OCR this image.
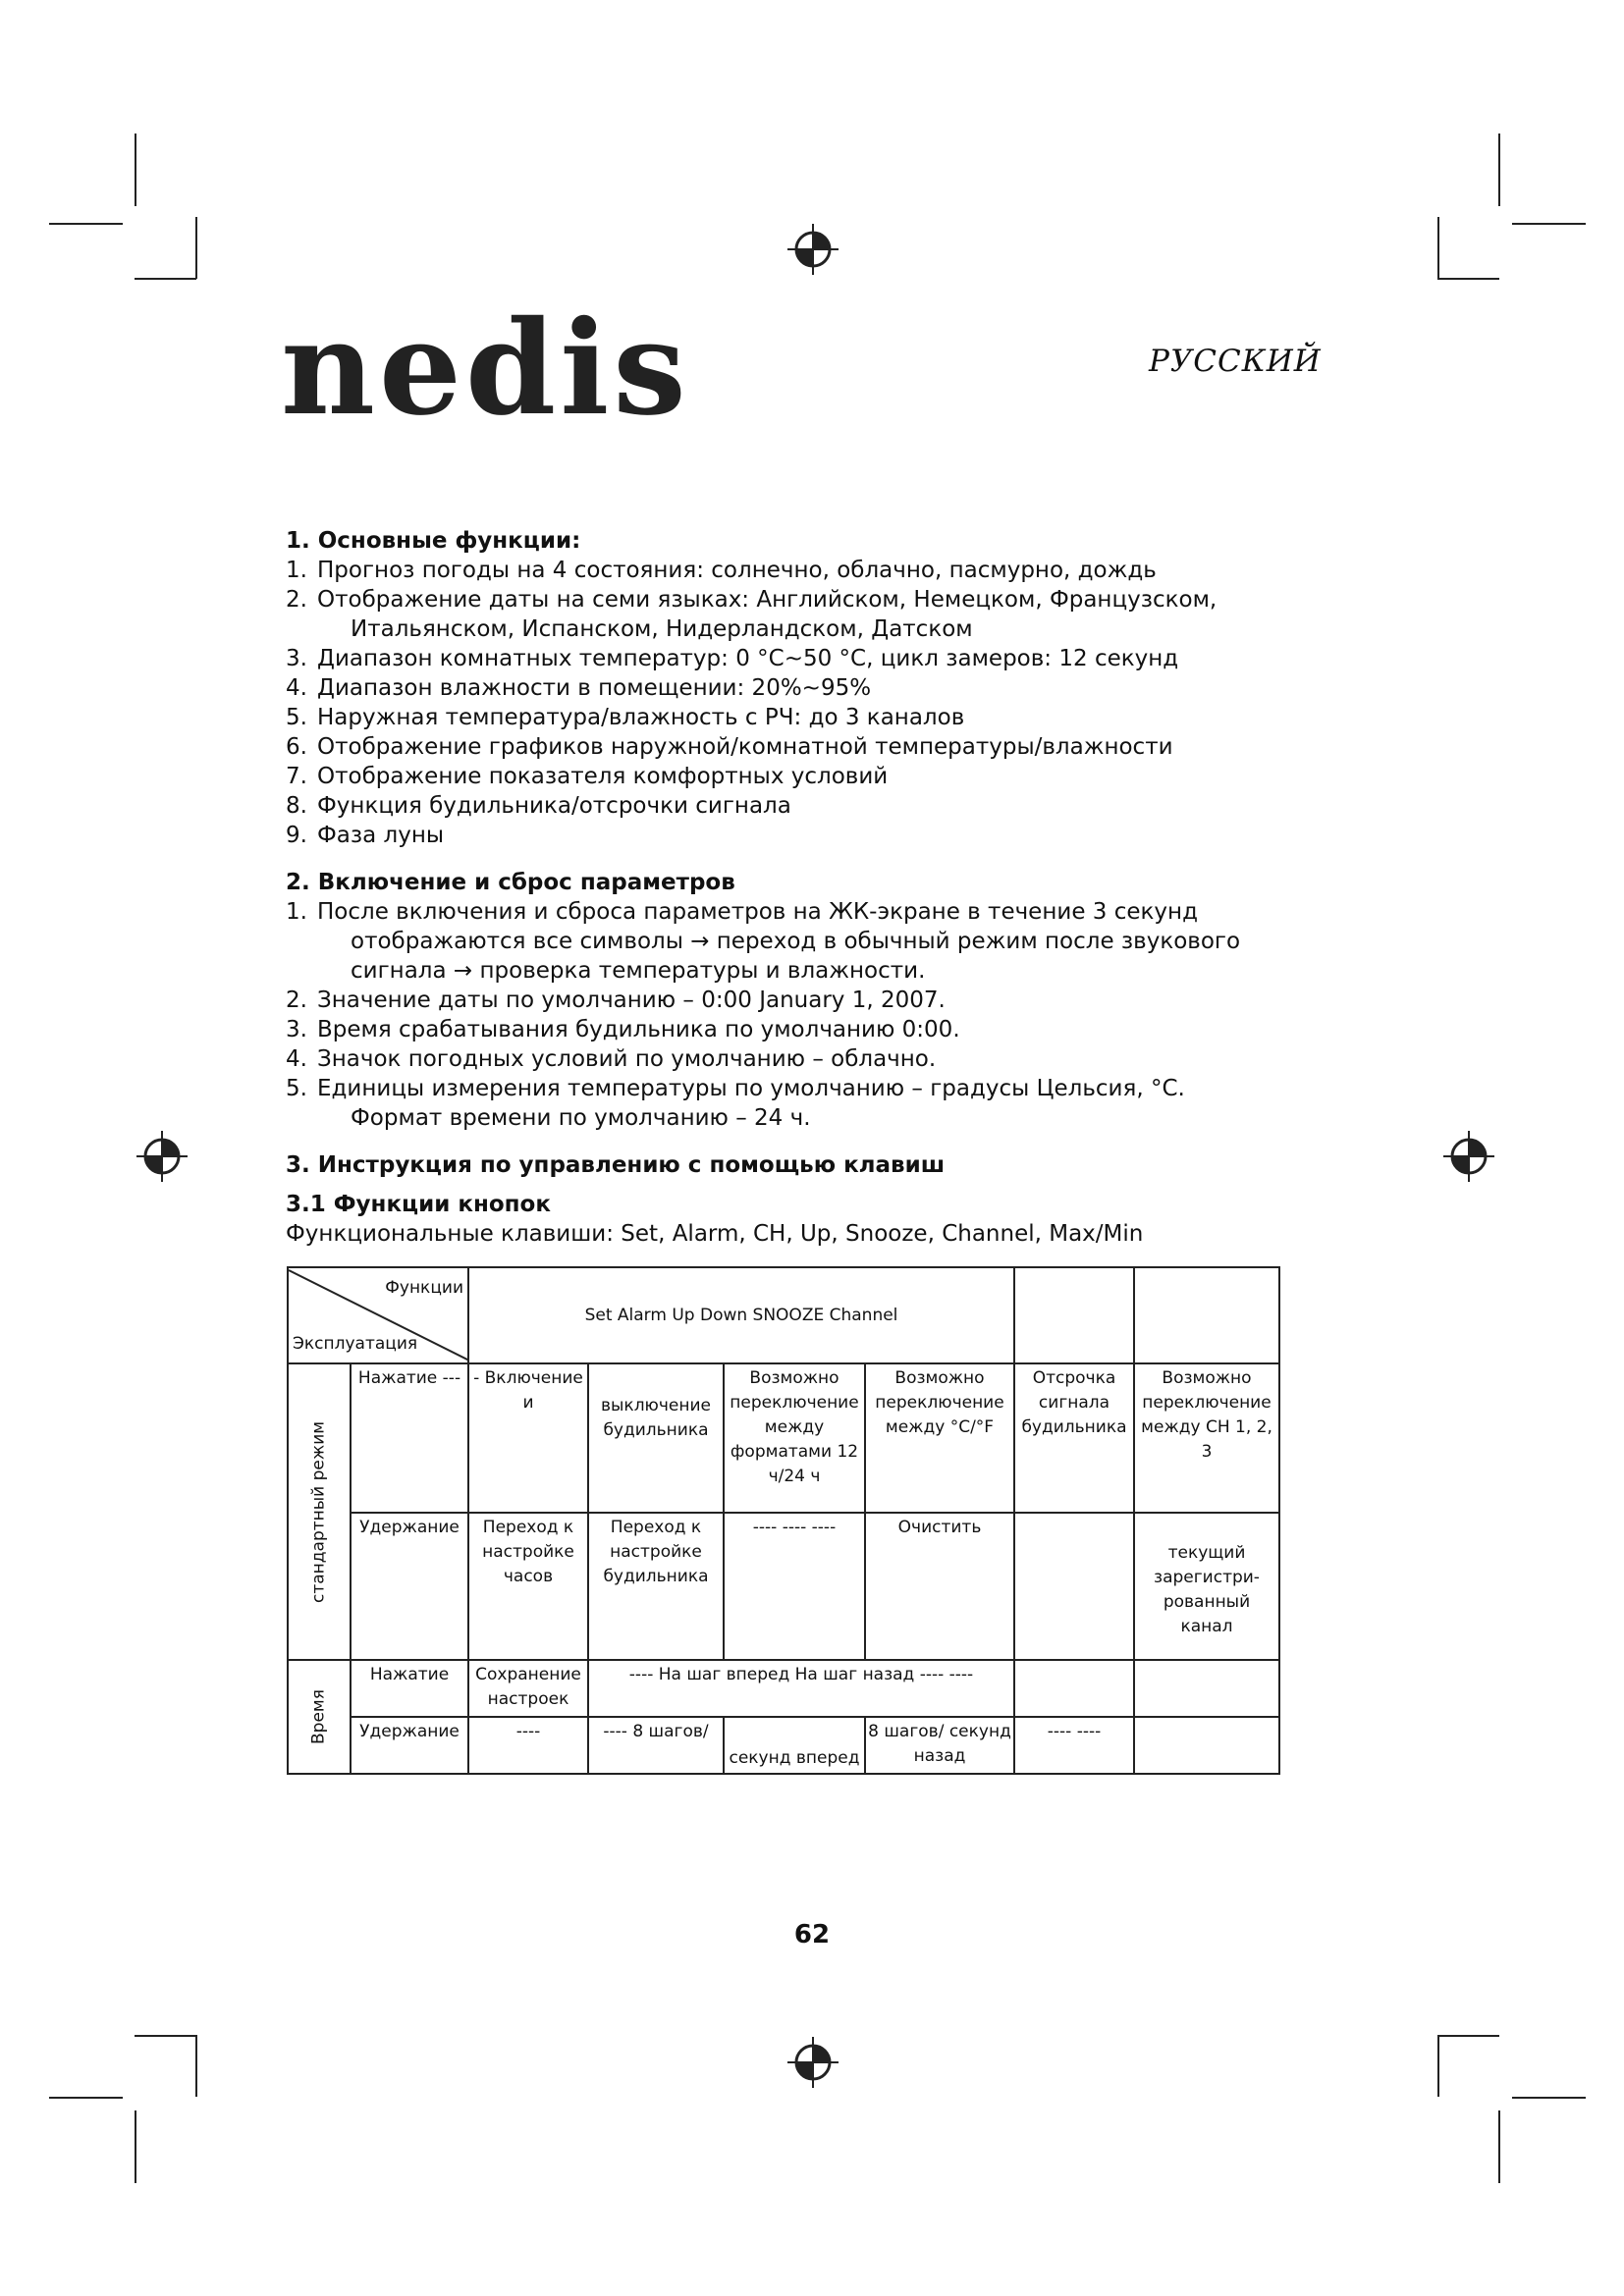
nedis	РУССКИЙ

1. Основные функции:

1. Прогноз погоды на 4 состояния: солнечно, облачно, пасмурно, дождь
2. Отображение даты на семи языках: Английском, Немецком, Французском,
Итальянском, Испанском, Нидерландском, Датском
3. Диапазон комнатных температур: 0 °C~50 °C, цикл замеров: 12 секунд
4. Диапазон влажности в помещении: 20%~95%
5. Наружная температура/влажность с РЧ: до 3 каналов
6. Отображение графиков наружной/комнатной температуры/влажности
7. Отображение показателя комфортных условий
8. Функция будильника/отсрочки сигнала
9. Фаза луны

2. Включение и сброс параметров

1. После включения и сброса параметров на ЖК-экране в течение 3 секунд
отображаются все символы → переход в обычный режим после звукового сигнала → проверка температуры и влажности.
2. Значение даты по умолчанию – 0:00 January 1, 2007.
3. Время срабатывания будильника по умолчанию 0:00.
4. Значок погодных условий по умолчанию – облачно.
5. Единицы измерения температуры по умолчанию – градусы Цельсия, °C.
Формат времени по умолчанию – 24 ч.

3. Инструкция по управлению с помощью клавиш

3.1 Функции кнопок

Функциональные клавиши: Set, Alarm, CH, Up, Snooze, Channel, Max/Min

Функции
Эксплуатация		Set Alarm Up Down SNOOZE Channel					
стандартный режим	Нажатие ---	- Включение и	выключение будильника	Возможно переключение между форматами 12 ч/24 ч	Возможно переключение между °C/°F	Отсрочка сигнала будильника	Возможно переключение между CH 1, 2, 3
	Удержание	Переход к настройке часов	Переход к настройке будильника	---- ---- ----	Очистить		текущий зарегистри-рованный канал
Время	Нажатие	Сохранение настроек	---- На шаг вперед На шаг назад ---- ----				
	Удержание	----	---- 8 шагов/	секунд вперед	8 шагов/ секунд назад	---- ----	
62
